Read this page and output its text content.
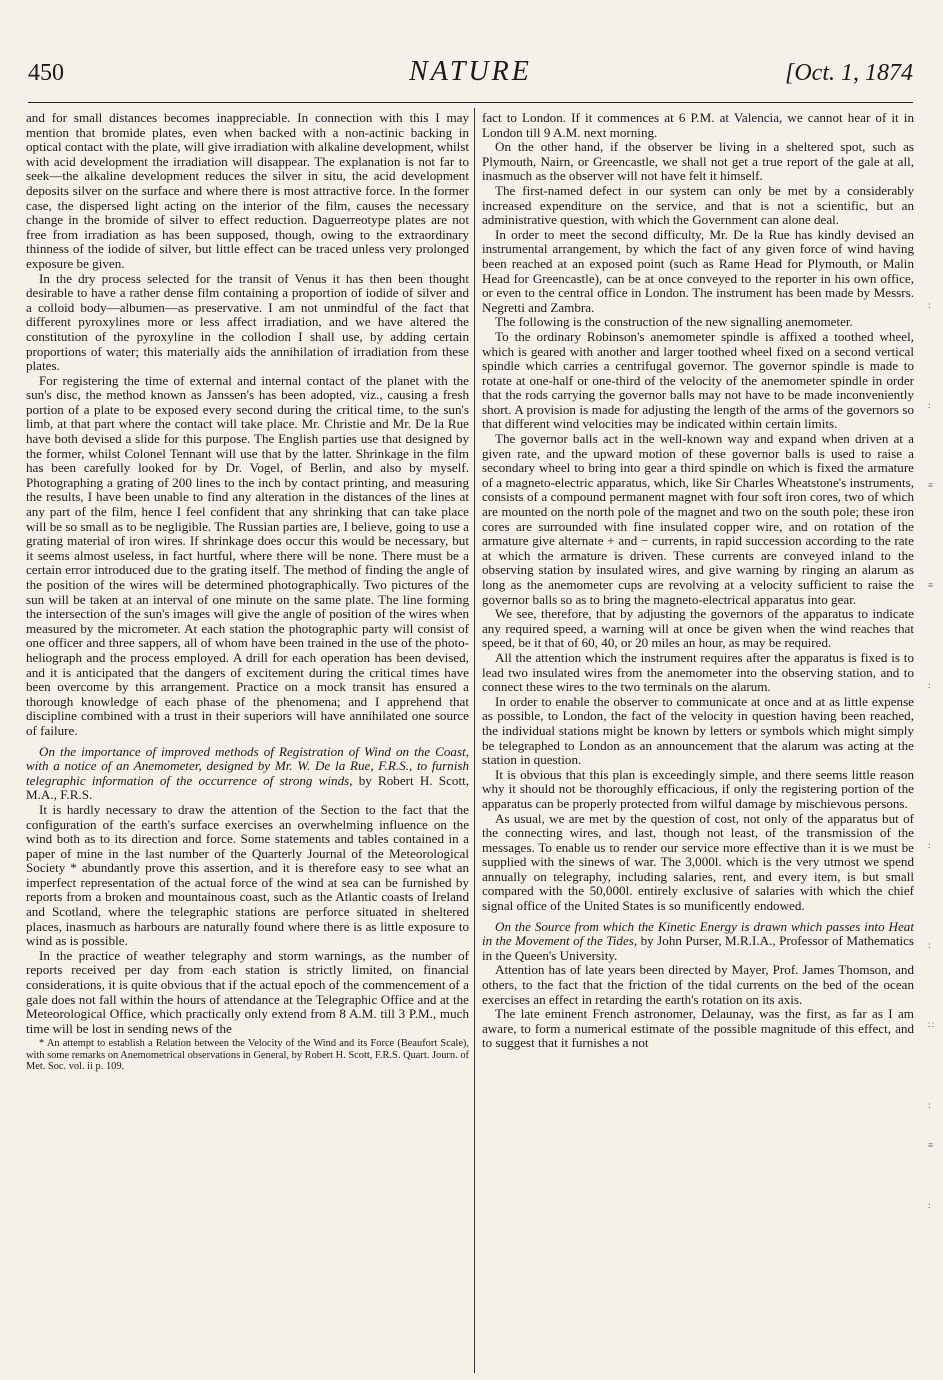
450	NATURE	[Oct. 1, 1874

and for small distances becomes inappreciable. In connection with this I may mention that bromide plates, even when backed with a non-actinic backing in optical contact with the plate, will give irradiation with alkaline development, whilst with acid development the irradiation will disappear. The explanation is not far to seek—the alkaline development reduces the silver in situ, the acid development deposits silver on the surface and where there is most attractive force. In the former case, the dispersed light acting on the interior of the film, causes the necessary change in the bromide of silver to effect reduction. Daguerreotype plates are not free from irradiation as has been supposed, though, owing to the extraordinary thinness of the iodide of silver, but little effect can be traced unless very prolonged exposure be given.

In the dry process selected for the transit of Venus it has then been thought desirable to have a rather dense film containing a proportion of iodide of silver and a colloid body—albumen—as preservative. I am not unmindful of the fact that different pyroxylines more or less affect irradiation, and we have altered the constitution of the pyroxyline in the collodion I shall use, by adding certain proportions of water; this materially aids the annihilation of irradiation from these plates.

For registering the time of external and internal contact of the planet with the sun's disc, the method known as Janssen's has been adopted, viz., causing a fresh portion of a plate to be exposed every second during the critical time, to the sun's limb, at that part where the contact will take place. Mr. Christie and Mr. De la Rue have both devised a slide for this purpose. The English parties use that designed by the former, whilst Colonel Tennant will use that by the latter. Shrinkage in the film has been carefully looked for by Dr. Vogel, of Berlin, and also by myself. Photographing a grating of 200 lines to the inch by contact printing, and measuring the results, I have been unable to find any alteration in the distances of the lines at any part of the film, hence I feel confident that any shrinking that can take place will be so small as to be negligible. The Russian parties are, I believe, going to use a grating material of iron wires. If shrinkage does occur this would be necessary, but it seems almost useless, in fact hurtful, where there will be none. There must be a certain error introduced due to the grating itself. The method of finding the angle of the position of the wires will be determined photographically. Two pictures of the sun will be taken at an interval of one minute on the same plate. The line forming the intersection of the sun's images will give the angle of position of the wires when measured by the micrometer. At each station the photographic party will consist of one officer and three sappers, all of whom have been trained in the use of the photo-heliograph and the process employed. A drill for each operation has been devised, and it is anticipated that the dangers of excitement during the critical times have been overcome by this arrangement. Practice on a mock transit has ensured a thorough knowledge of each phase of the phenomena; and I apprehend that discipline combined with a trust in their superiors will have annihilated one source of failure.

On the importance of improved methods of Registration of Wind on the Coast, with a notice of an Anemometer, designed by Mr. W. De la Rue, F.R.S., to furnish telegraphic information of the occurrence of strong winds, by Robert H. Scott, M.A., F.R.S.

It is hardly necessary to draw the attention of the Section to the fact that the configuration of the earth's surface exercises an overwhelming influence on the wind both as to its direction and force. Some statements and tables contained in a paper of mine in the last number of the Quarterly Journal of the Meteorological Society * abundantly prove this assertion, and it is therefore easy to see what an imperfect representation of the actual force of the wind at sea can be furnished by reports from a broken and mountainous coast, such as the Atlantic coasts of Ireland and Scotland, where the telegraphic stations are perforce situated in sheltered places, inasmuch as harbours are naturally found where there is as little exposure to wind as is possible.

In the practice of weather telegraphy and storm warnings, as the number of reports received per day from each station is strictly limited, on financial considerations, it is quite obvious that if the actual epoch of the commencement of a gale does not fall within the hours of attendance at the Telegraphic Office and at the Meteorological Office, which practically only extend from 8 A.M. till 3 P.M., much time will be lost in sending news of the

* An attempt to establish a Relation between the Velocity of the Wind and its Force (Beaufort Scale), with some remarks on Anemometrical observations in General, by Robert H. Scott, F.R.S. Quart. Journ. of Met. Soc. vol. ii p. 109.

fact to London. If it commences at 6 P.M. at Valencia, we cannot hear of it in London till 9 A.M. next morning.

On the other hand, if the observer be living in a sheltered spot, such as Plymouth, Nairn, or Greencastle, we shall not get a true report of the gale at all, inasmuch as the observer will not have felt it himself.

The first-named defect in our system can only be met by a considerably increased expenditure on the service, and that is not a scientific, but an administrative question, with which the Government can alone deal.

In order to meet the second difficulty, Mr. De la Rue has kindly devised an instrumental arrangement, by which the fact of any given force of wind having been reached at an exposed point (such as Rame Head for Plymouth, or Malin Head for Greencastle), can be at once conveyed to the reporter in his own office, or even to the central office in London. The instrument has been made by Messrs. Negretti and Zambra.

The following is the construction of the new signalling anemometer.

To the ordinary Robinson's anemometer spindle is affixed a toothed wheel, which is geared with another and larger toothed wheel fixed on a second vertical spindle which carries a centrifugal governor. The governor spindle is made to rotate at one-half or one-third of the velocity of the anemometer spindle in order that the rods carrying the governor balls may not have to be made inconveniently short. A provision is made for adjusting the length of the arms of the governors so that different wind velocities may be indicated within certain limits.

The governor balls act in the well-known way and expand when driven at a given rate, and the upward motion of these governor balls is used to raise a secondary wheel to bring into gear a third spindle on which is fixed the armature of a magneto-electric apparatus, which, like Sir Charles Wheatstone's instruments, consists of a compound permanent magnet with four soft iron cores, two of which are mounted on the north pole of the magnet and two on the south pole; these iron cores are surrounded with fine insulated copper wire, and on rotation of the armature give alternate + and − currents, in rapid succession according to the rate at which the armature is driven. These currents are conveyed inland to the observing station by insulated wires, and give warning by ringing an alarum as long as the anemometer cups are revolving at a velocity sufficient to raise the governor balls so as to bring the magneto-electrical apparatus into gear.

We see, therefore, that by adjusting the governors of the apparatus to indicate any required speed, a warning will at once be given when the wind reaches that speed, be it that of 60, 40, or 20 miles an hour, as may be required.

All the attention which the instrument requires after the apparatus is fixed is to lead two insulated wires from the anemometer into the observing station, and to connect these wires to the two terminals on the alarum.

In order to enable the observer to communicate at once and at as little expense as possible, to London, the fact of the velocity in question having been reached, the individual stations might be known by letters or symbols which might simply be telegraphed to London as an announcement that the alarum was acting at the station in question.

It is obvious that this plan is exceedingly simple, and there seems little reason why it should not be thoroughly efficacious, if only the registering portion of the apparatus can be properly protected from wilful damage by mischievous persons.

As usual, we are met by the question of cost, not only of the apparatus but of the connecting wires, and last, though not least, of the transmission of the messages. To enable us to render our service more effective than it is we must be supplied with the sinews of war. The 3,000l. which is the very utmost we spend annually on telegraphy, including salaries, rent, and every item, is but small compared with the 50,000l. entirely exclusive of salaries with which the chief signal office of the United States is so munificently endowed.

On the Source from which the Kinetic Energy is drawn which passes into Heat in the Movement of the Tides, by John Purser, M.R.I.A., Professor of Mathematics in the Queen's University.

Attention has of late years been directed by Mayer, Prof. James Thomson, and others, to the fact that the friction of the tidal currents on the bed of the ocean exercises an effect in retarding the earth's rotation on its axis.

The late eminent French astronomer, Delaunay, was the first, as far as I am aware, to form a numerical estimate of the possible magnitude of this effect, and to suggest that it furnishes a not

:
:
≡
≡
:
:
:
∷
:
≡
:
